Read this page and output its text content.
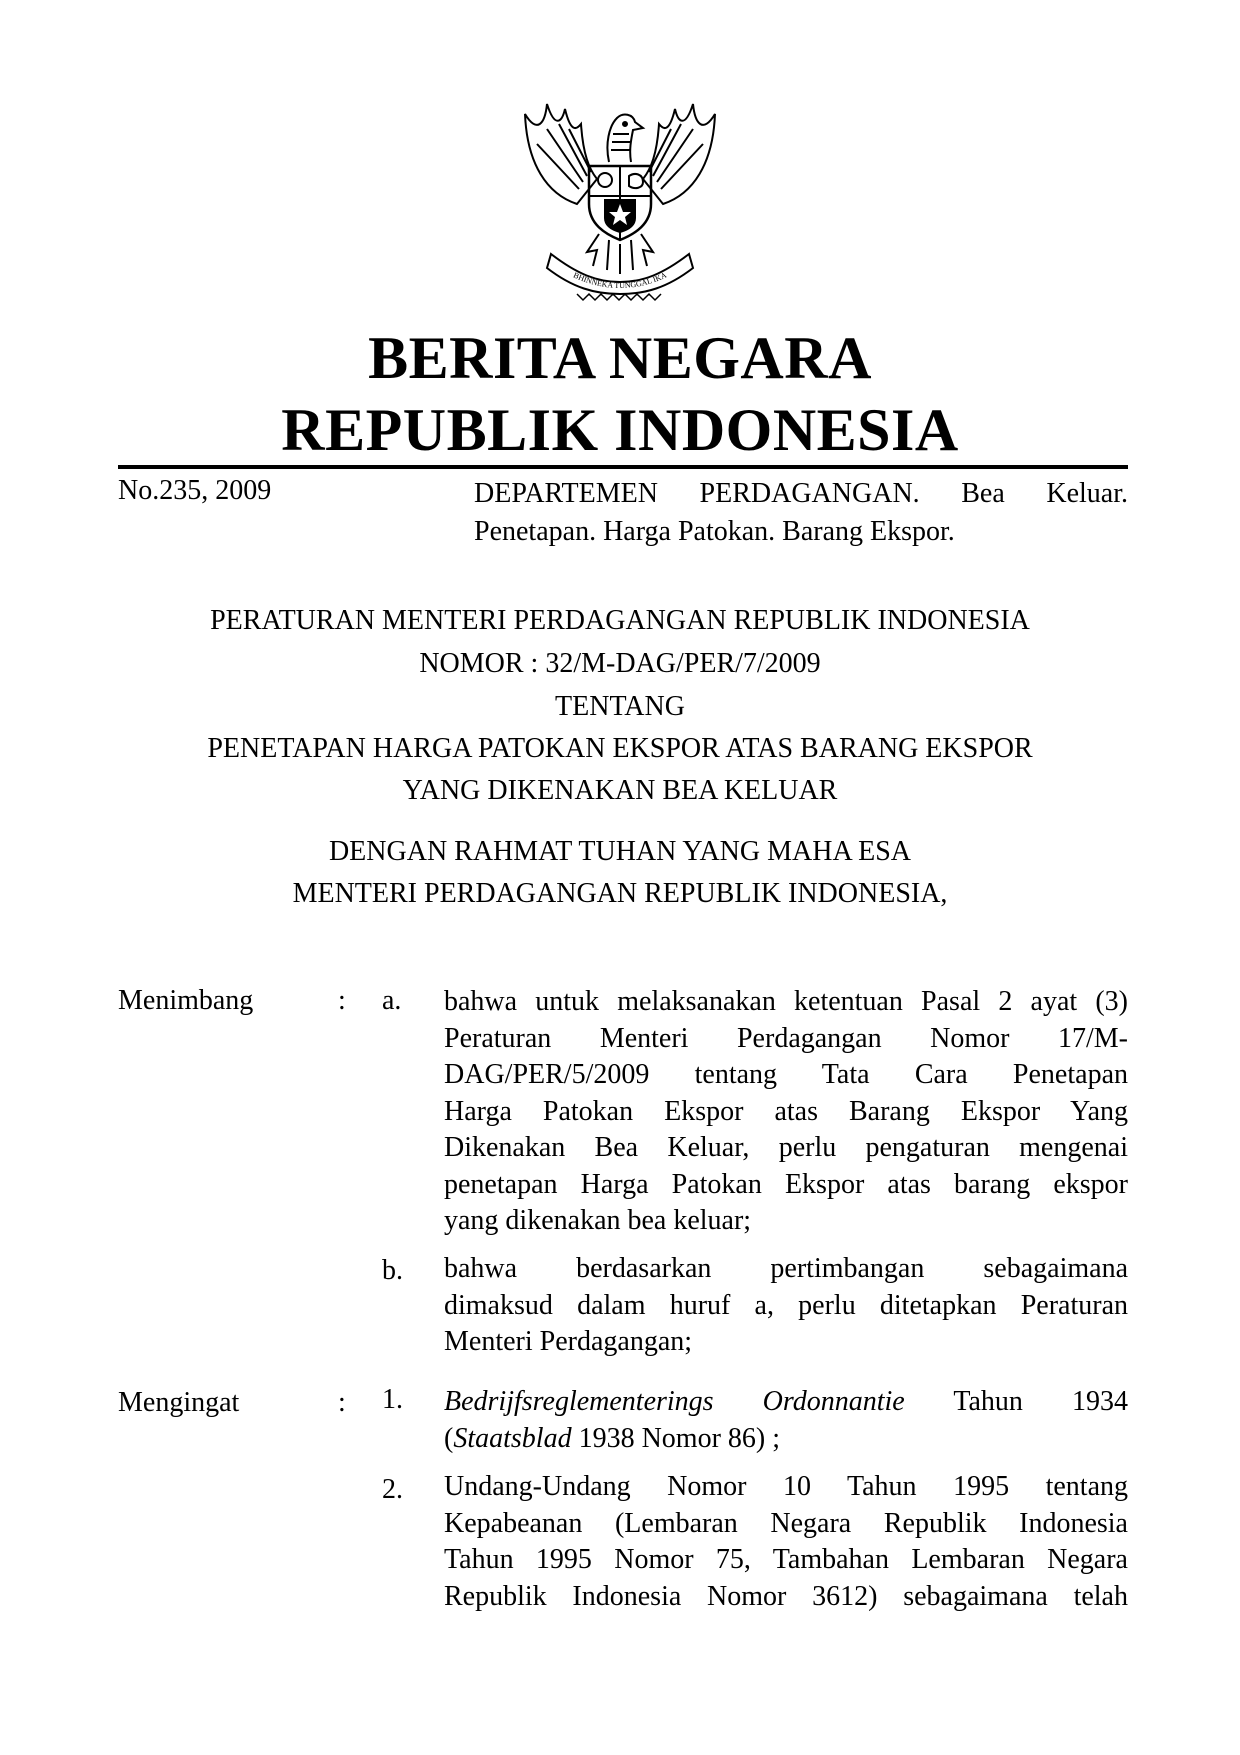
BHINNEKA TUNGGAL IKA
BERITA NEGARA
REPUBLIK INDONESIA
No.235, 2009	DEPARTEMEN PERDAGANGAN. Bea Keluar.
Penetapan. Harga Patokan. Barang Ekspor.
PERATURAN MENTERI PERDAGANGAN REPUBLIK INDONESIA
NOMOR : 32/M-DAG/PER/7/2009
TENTANG
PENETAPAN HARGA PATOKAN EKSPOR ATAS BARANG EKSPOR
YANG DIKENAKAN BEA KELUAR
DENGAN RAHMAT TUHAN YANG MAHA ESA
MENTERI PERDAGANGAN REPUBLIK INDONESIA,
Menimbang	: a. bahwa untuk melaksanakan ketentuan Pasal 2 ayat (3)
Peraturan Menteri Perdagangan Nomor 17/M-
DAG/PER/5/2009 tentang Tata Cara Penetapan
Harga Patokan Ekspor atas Barang Ekspor Yang
Dikenakan Bea Keluar, perlu pengaturan mengenai
penetapan Harga Patokan Ekspor atas barang ekspor
yang dikenakan bea keluar;
b. bahwa berdasarkan pertimbangan sebagaimana
dimaksud dalam huruf a, perlu ditetapkan Peraturan
Menteri Perdagangan;
Mengingat	: 1. Bedrijfsreglementerings Ordonnantie Tahun 1934
(Staatsblad 1938 Nomor 86) ;
2. Undang-Undang Nomor 10 Tahun 1995 tentang
Kepabeanan (Lembaran Negara Republik Indonesia
Tahun 1995 Nomor 75, Tambahan Lembaran Negara
Republik Indonesia Nomor 3612) sebagaimana telah
